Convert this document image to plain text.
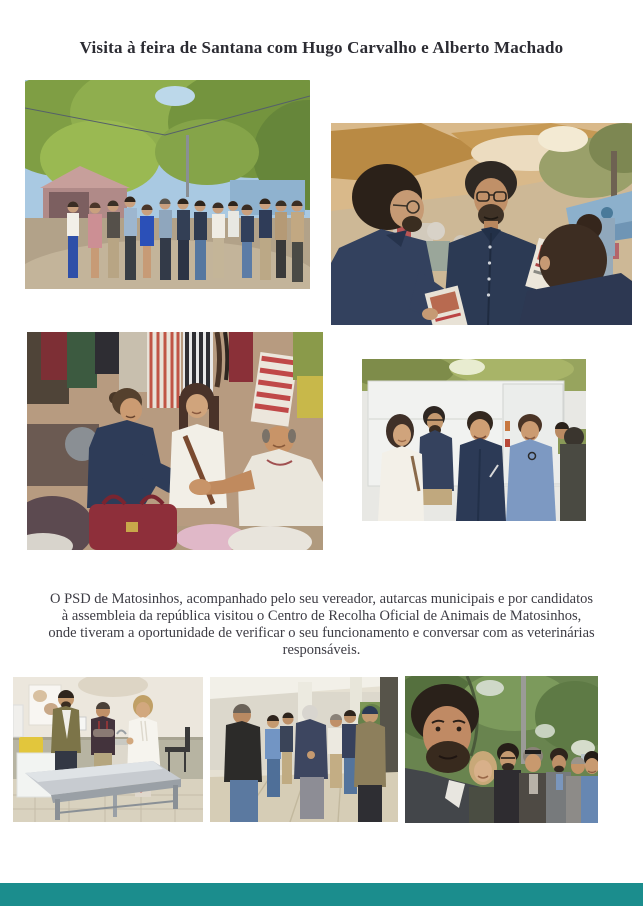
Visita à feira de Santana com Hugo Carvalho e Alberto Machado

O PSD de Matosinhos, acompanhado pelo seu vereador, autarcas municipais e por candidatos à assembleia da república visitou o Centro de Recolha Oficial de Animais de Matosinhos, onde tiveram a oportunidade de verificar o seu funcionamento e conversar com as veterinárias responsáveis.
